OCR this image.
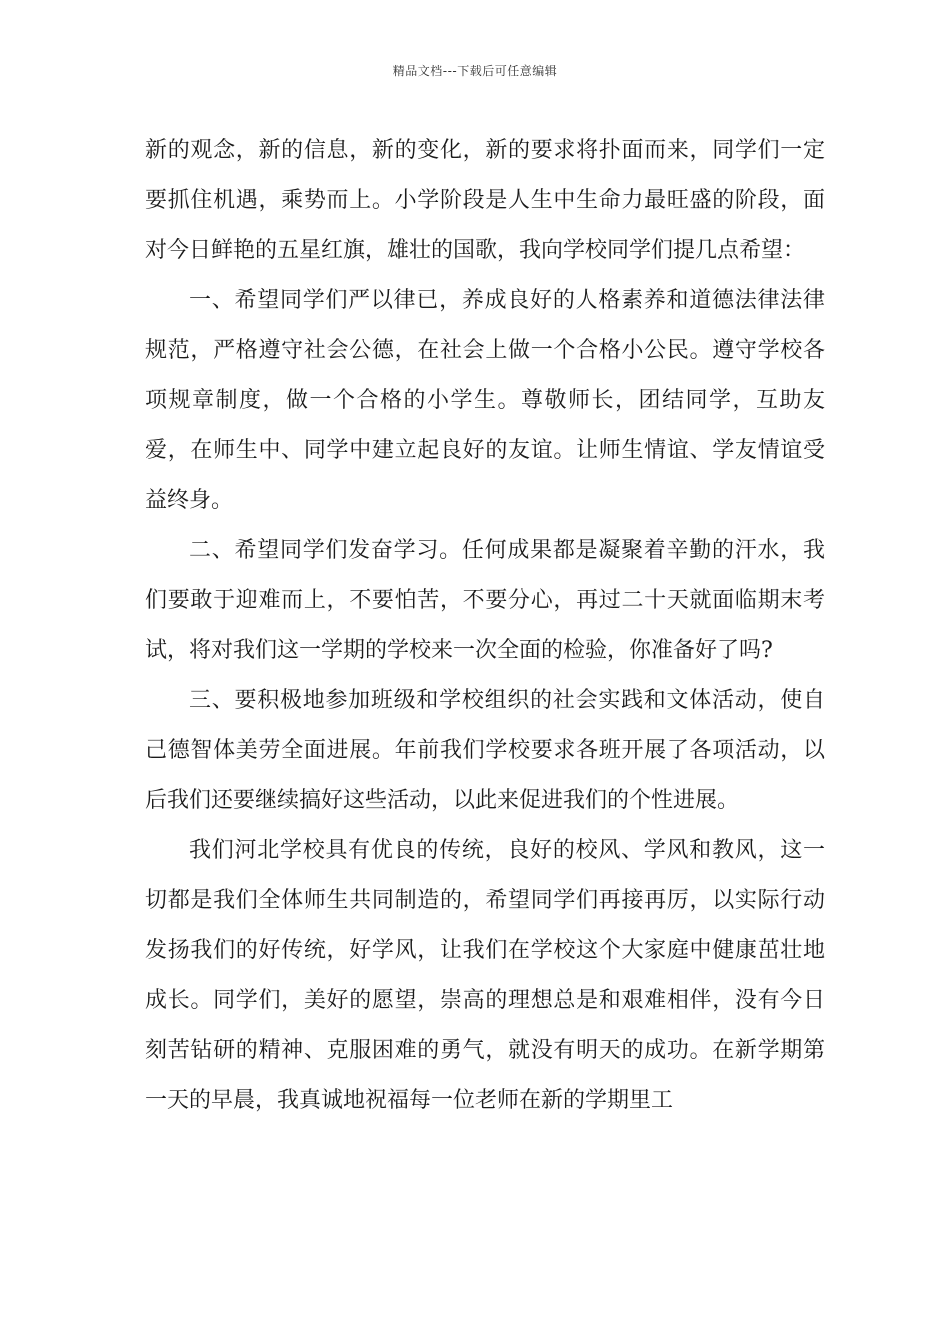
精品文档---下载后可任意编辑

新的观念，新的信息，新的变化，新的要求将扑面而来，同学们一定要抓住机遇，乘势而上。小学阶段是人生中生命力最旺盛的阶段，面对今日鲜艳的五星红旗，雄壮的国歌，我向学校同学们提几点希望：

一、希望同学们严以律已，养成良好的人格素养和道德法律法律规范，严格遵守社会公德，在社会上做一个合格小公民。遵守学校各项规章制度，做一个合格的小学生。尊敬师长，团结同学，互助友爱，在师生中、同学中建立起良好的友谊。让师生情谊、学友情谊受益终身。

二、希望同学们发奋学习。任何成果都是凝聚着辛勤的汗水，我们要敢于迎难而上，不要怕苦，不要分心，再过二十天就面临期末考试，将对我们这一学期的学校来一次全面的检验，你准备好了吗?

三、要积极地参加班级和学校组织的社会实践和文体活动，使自己德智体美劳全面进展。年前我们学校要求各班开展了各项活动，以后我们还要继续搞好这些活动，以此来促进我们的个性进展。

我们河北学校具有优良的传统，良好的校风、学风和教风，这一切都是我们全体师生共同制造的，希望同学们再接再厉，以实际行动发扬我们的好传统，好学风，让我们在学校这个大家庭中健康茁壮地成长。同学们，美好的愿望，崇高的理想总是和艰难相伴，没有今日刻苦钻研的精神、克服困难的勇气，就没有明天的成功。在新学期第一天的早晨，我真诚地祝福每一位老师在新的学期里工
